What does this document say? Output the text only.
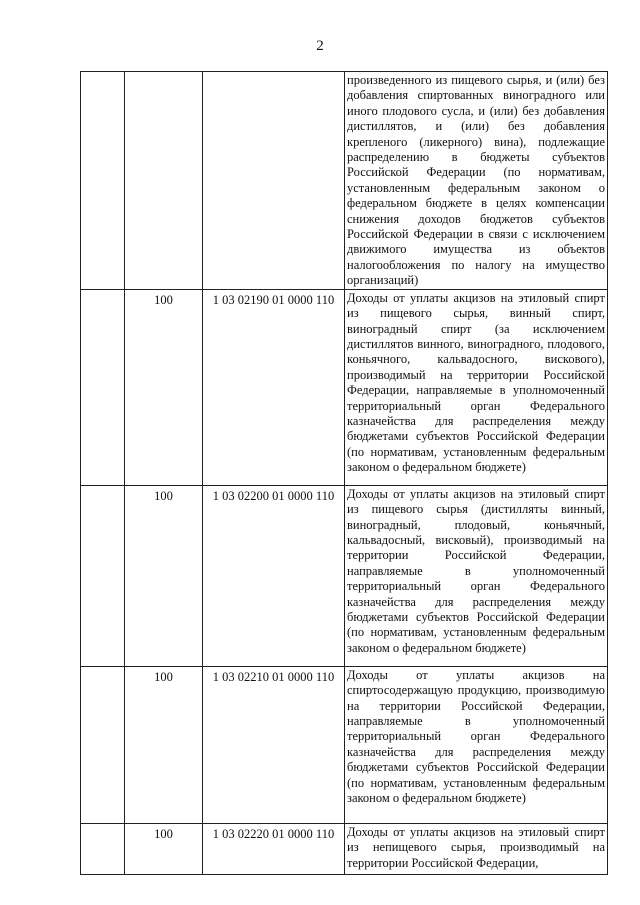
2
			произведенного из пищевого сырья, и (или) без добавления спиртованных виноградного или иного плодового сусла, и (или) без добавления дистиллятов, и (или) без добавления крепленого (ликерного) вина), подлежащие распределению в бюджеты субъектов Российской Федерации (по нормативам, установленным федеральным законом о федеральном бюджете в целях компенсации снижения доходов бюджетов субъектов Российской Федерации в связи с исключением движимого имущества из объектов налогообложения по налогу на имущество организаций)
	100	1 03 02190 01 0000 110	Доходы от уплаты акцизов на этиловый спирт из пищевого сырья, винный спирт, виноградный спирт (за исключением дистиллятов винного, виноградного, плодового, коньячного, кальвадосного, вискового), производимый на территории Российской Федерации, направляемые в уполномоченный территориальный орган Федерального казначейства для распределения между бюджетами субъектов Российской Федерации (по нормативам, установленным федеральным законом о федеральном бюджете)
	100	1 03 02200 01 0000 110	Доходы от уплаты акцизов на этиловый спирт из пищевого сырья (дистилляты винный, виноградный, плодовый, коньячный, кальвадосный, висковый), производимый на территории Российской Федерации, направляемые в уполномоченный территориальный орган Федерального казначейства для распределения между бюджетами субъектов Российской Федерации (по нормативам, установленным федеральным законом о федеральном бюджете)
	100	1 03 02210 01 0000 110	Доходы от уплаты акцизов на спиртосодержащую продукцию, производимую на территории Российской Федерации, направляемые в уполномоченный территориальный орган Федерального казначейства для распределения между бюджетами субъектов Российской Федерации (по нормативам, установленным федеральным законом о федеральном бюджете)
	100	1 03 02220 01 0000 110	Доходы от уплаты акцизов на этиловый спирт из непищевого сырья, производимый на территории Российской Федерации,
